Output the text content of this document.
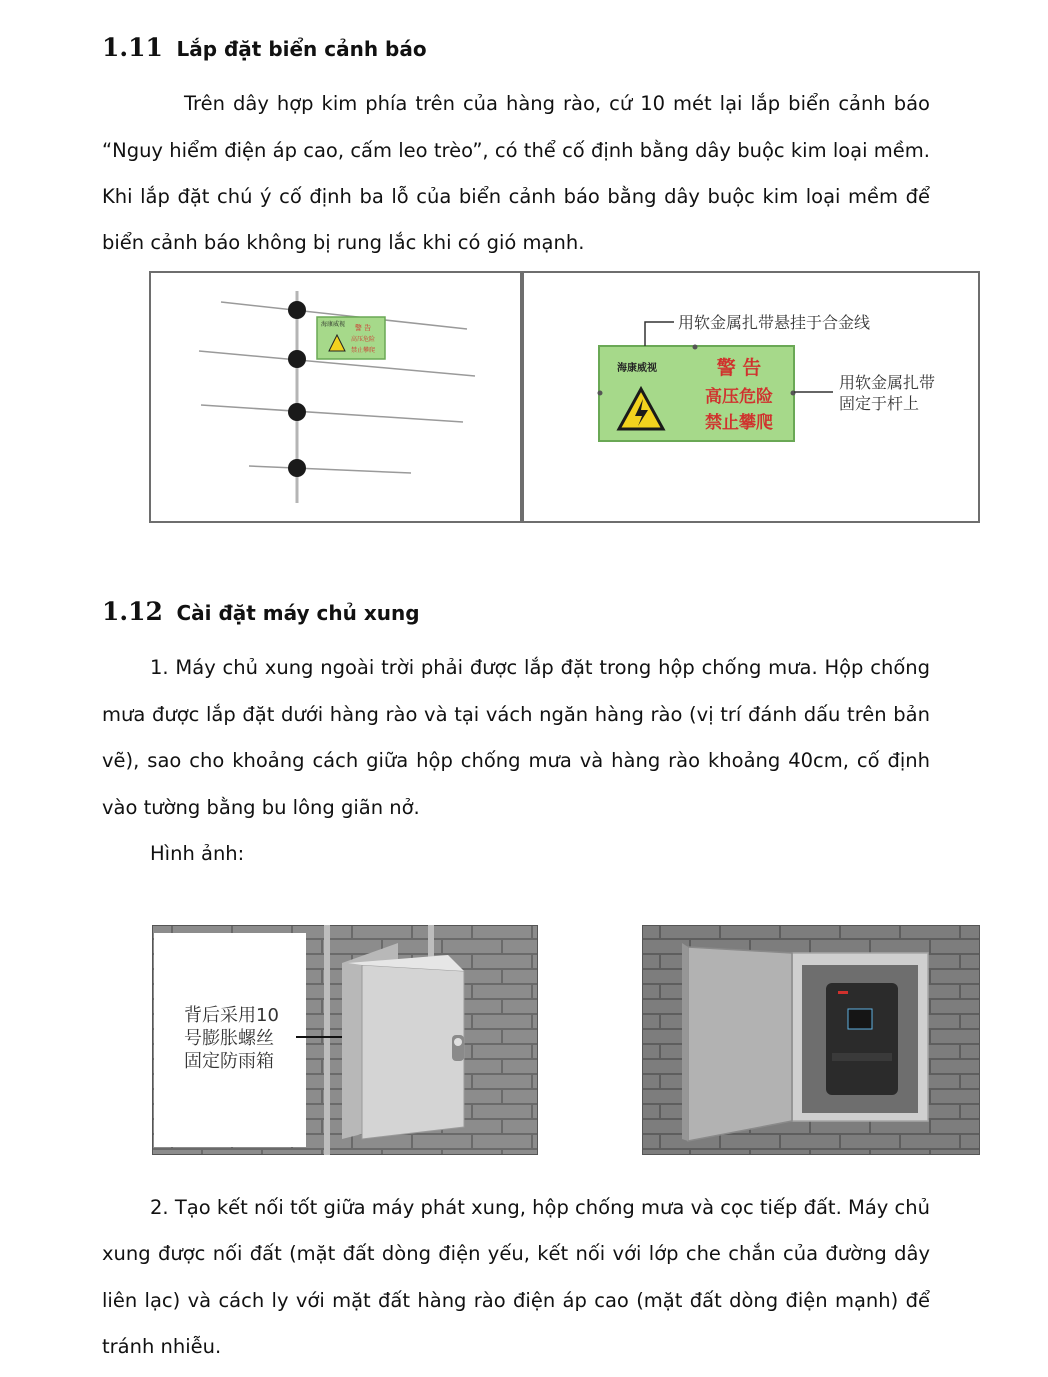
1.11 Lắp đặt biển cảnh báo
Trên dây hợp kim phía trên của hàng rào, cứ 10 mét lại lắp biển cảnh báo
“Nguy hiểm điện áp cao, cấm leo trèo”, có thể cố định bằng dây buộc kim loại mềm.
Khi lắp đặt chú ý cố định ba lỗ của biển cảnh báo bằng dây buộc kim loại mềm để
biển cảnh báo không bị rung lắc khi có gió mạnh.
海康威视 警 告
高压危险
禁止攀爬
海康威视	警 告
高压危险
禁止攀爬
用软金属扎带悬挂于合金线
用软金属扎带
固定于杆上
1.12 Cài đặt máy chủ xung
1. Máy chủ xung ngoài trời phải được lắp đặt trong hộp chống mưa. Hộp chống
mưa được lắp đặt dưới hàng rào và tại vách ngăn hàng rào (vị trí đánh dấu trên bản
vẽ), sao cho khoảng cách giữa hộp chống mưa và hàng rào khoảng 40cm, cố định
vào tường bằng bu lông giãn nở.
Hình ảnh:
背后采用10
号膨胀螺丝
固定防雨箱
2. Tạo kết nối tốt giữa máy phát xung, hộp chống mưa và cọc tiếp đất. Máy chủ
xung được nối đất (mặt đất dòng điện yếu, kết nối với lớp che chắn của đường dây
liên lạc) và cách ly với mặt đất hàng rào điện áp cao (mặt đất dòng điện mạnh) để
tránh nhiễu.
